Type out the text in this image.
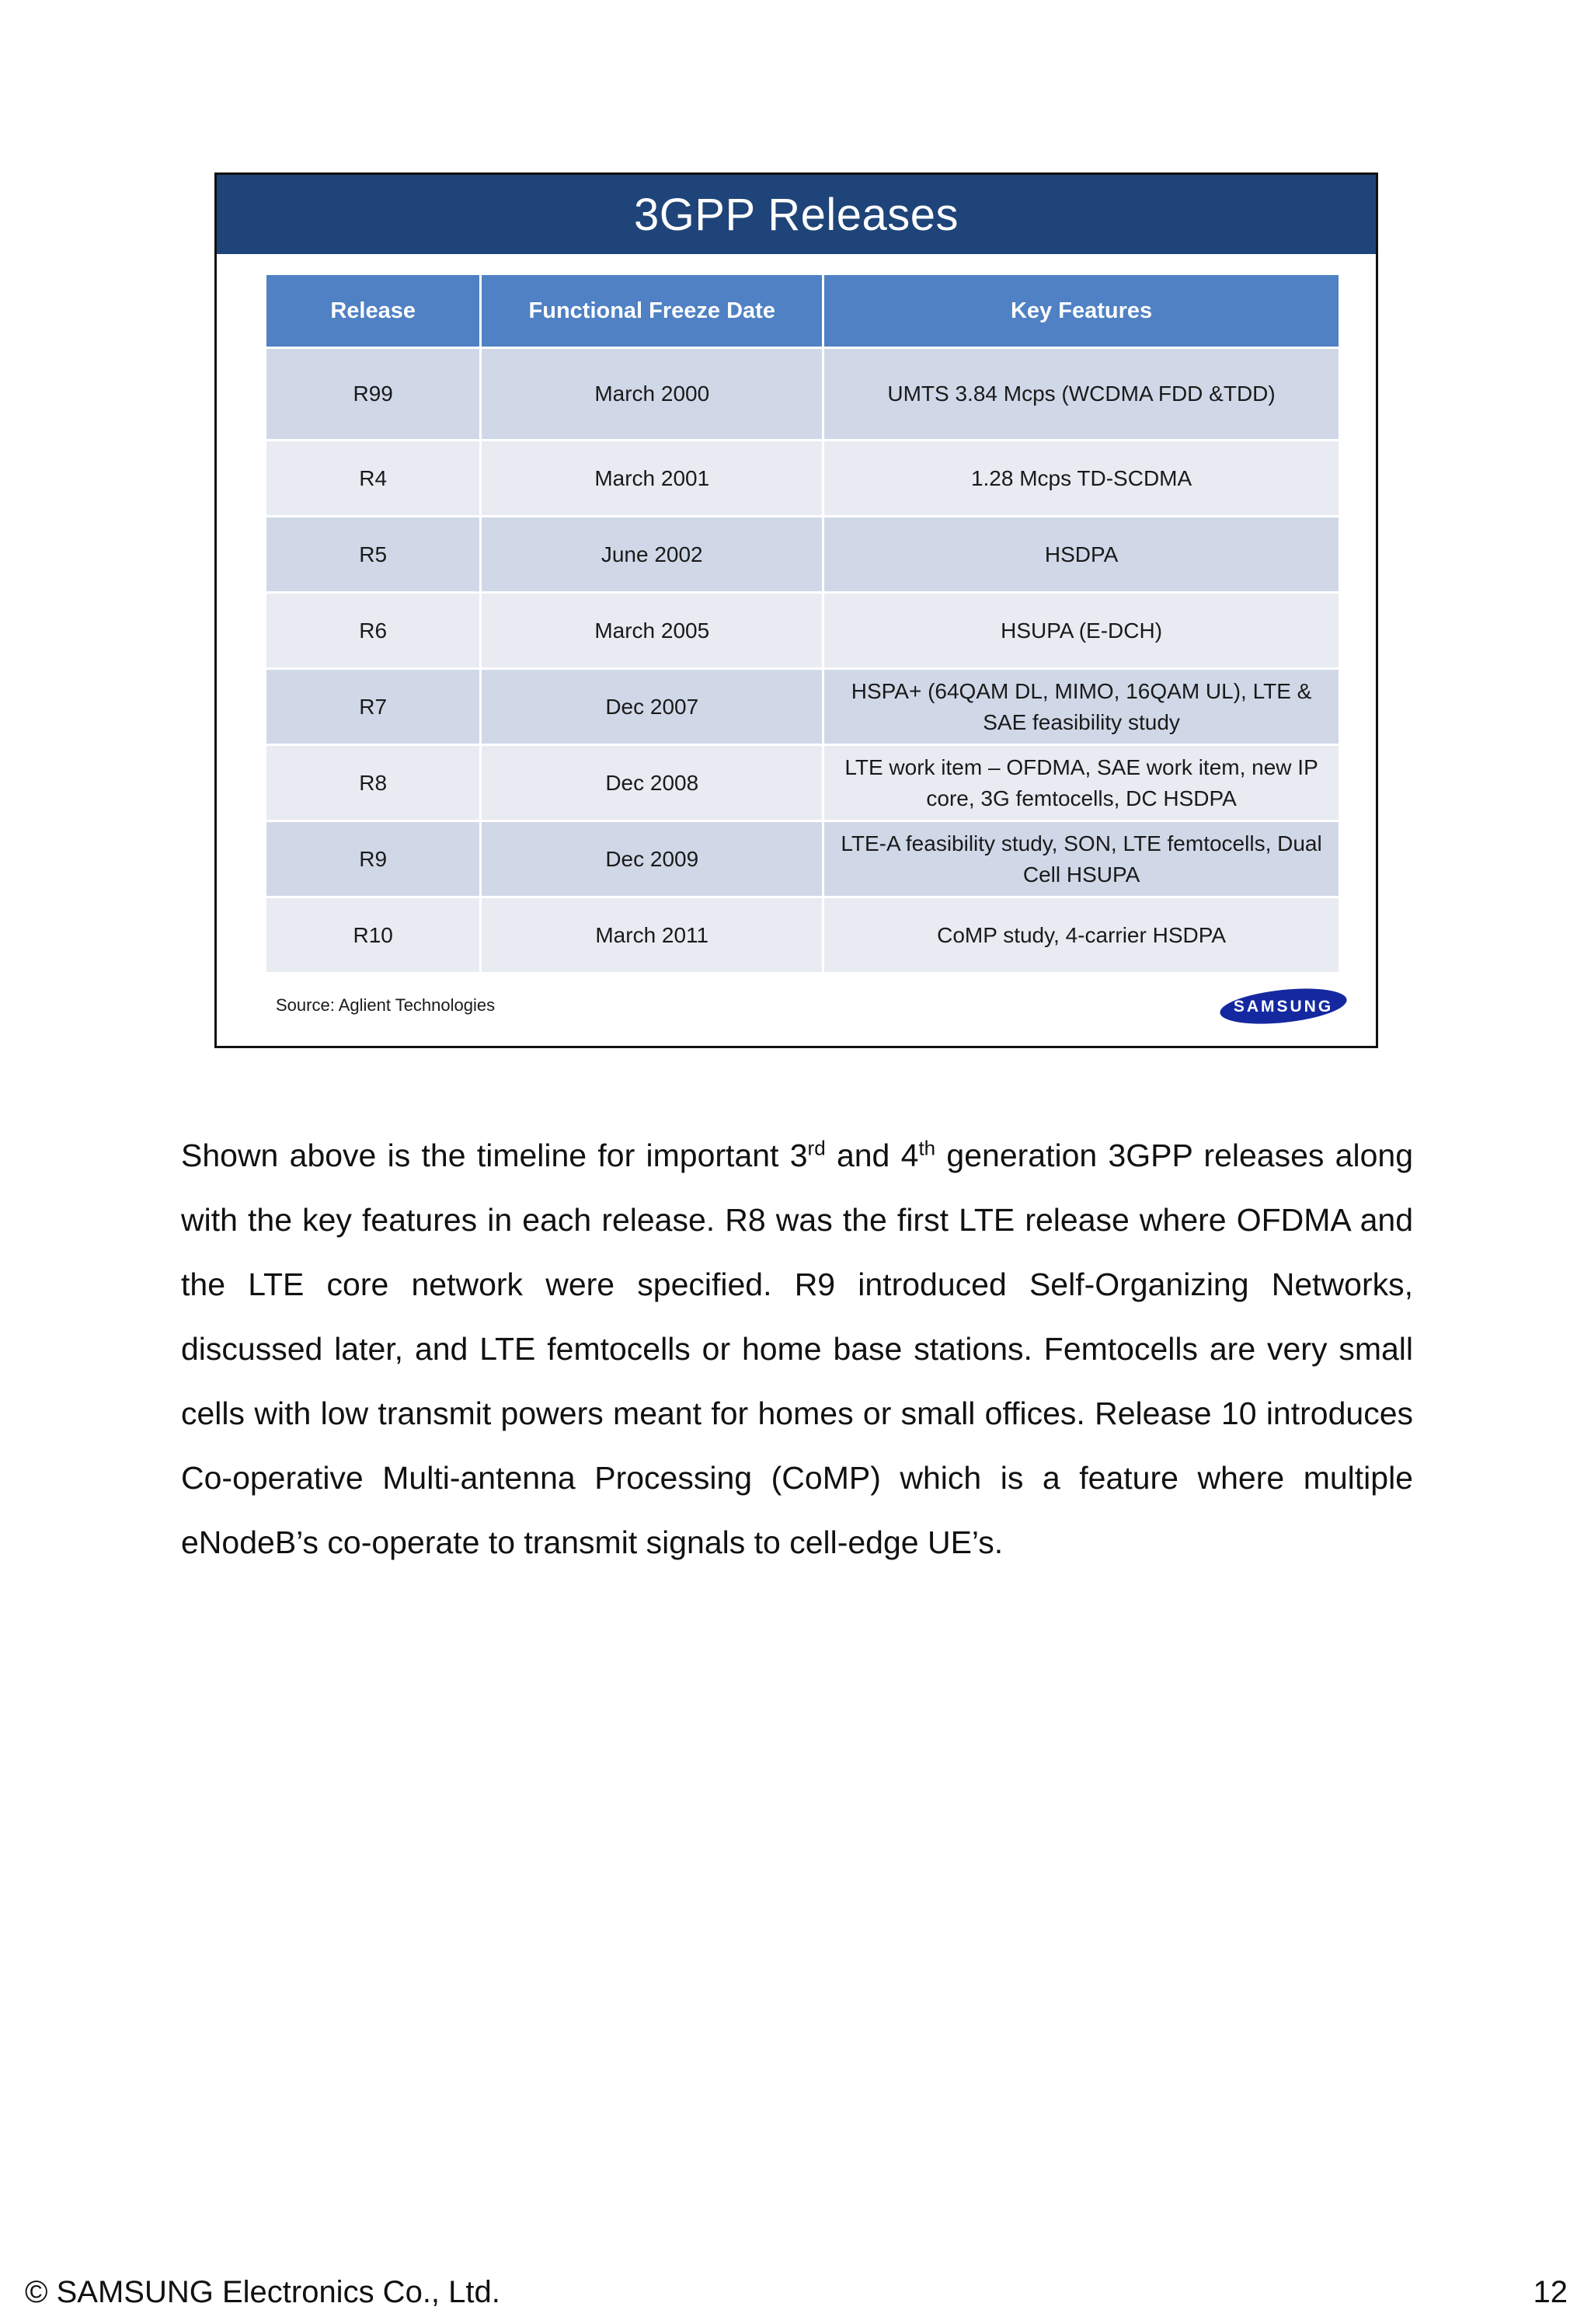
3GPP Releases
Release	Functional Freeze Date	Key Features
R99	March 2000	UMTS 3.84 Mcps (WCDMA FDD &TDD)
R4	March 2001	1.28 Mcps TD-SCDMA
R5	June 2002	HSDPA
R6	March 2005	HSUPA (E-DCH)
R7	Dec 2007	HSPA+ (64QAM DL, MIMO, 16QAM UL), LTE & SAE feasibility study
R8	Dec 2008	LTE work item – OFDMA, SAE work item, new IP core, 3G femtocells, DC HSDPA
R9	Dec 2009	LTE-A feasibility study, SON, LTE femtocells, Dual Cell HSUPA
R10	March 2011	CoMP study, 4-carrier HSDPA
Source: Aglient Technologies	SAMSUNG

Shown above is the timeline for important 3rd and 4th generation 3GPP releases along with the key features in each release. R8 was the first LTE release where OFDMA and the LTE core network were specified. R9 introduced Self-Organizing Networks, discussed later, and LTE femtocells or home base stations. Femtocells are very small cells with low transmit powers meant for homes or small offices. Release 10 introduces Co-operative Multi-antenna Processing (CoMP) which is a feature where multiple eNodeB’s co-operate to transmit signals to cell-edge UE’s.

© SAMSUNG Electronics Co., Ltd.	12
